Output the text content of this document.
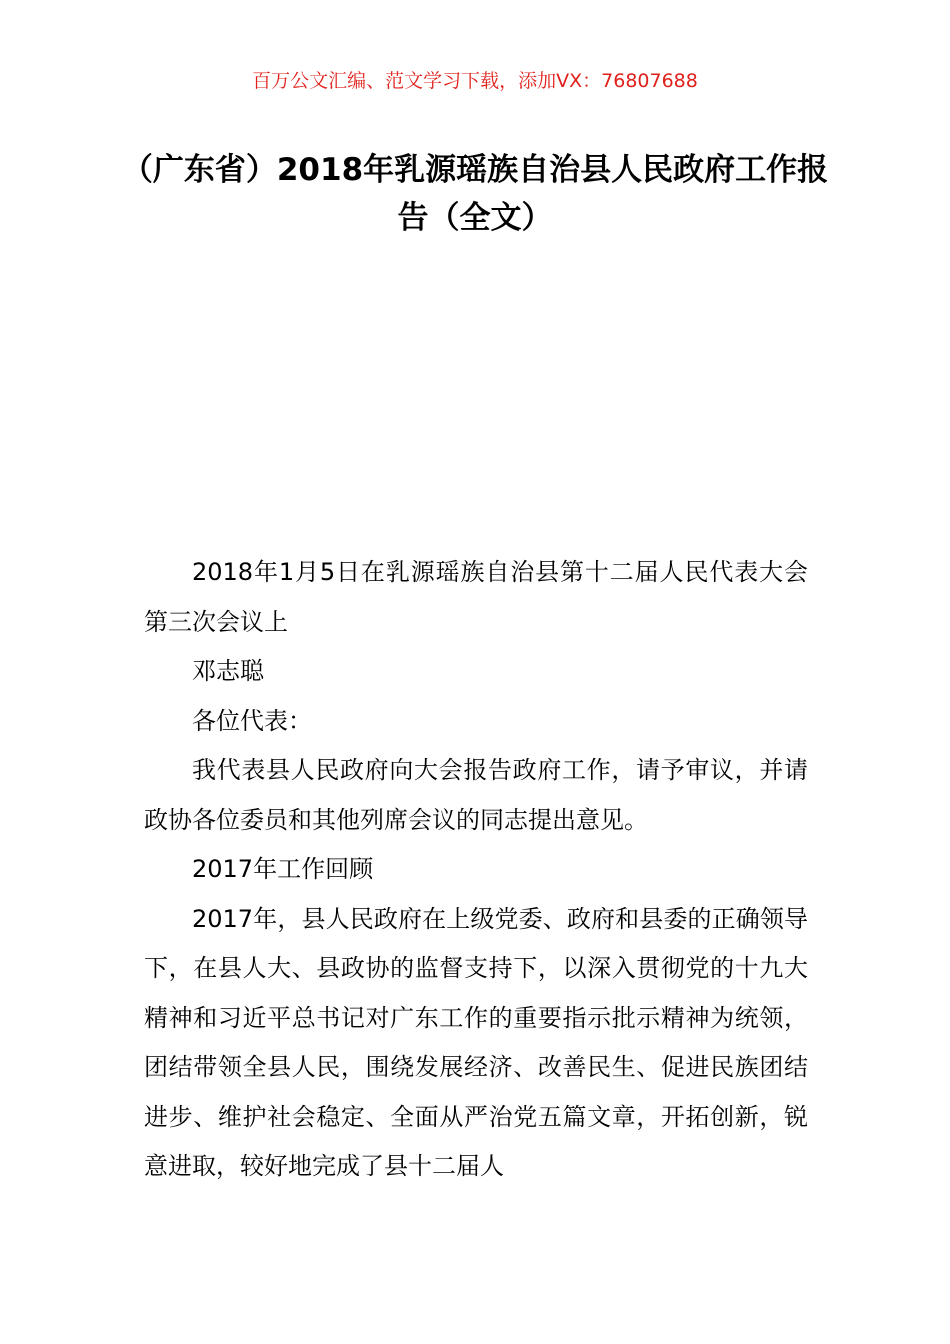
百万公文汇编、范文学习下载，添加VX：76807688
（广东省）2018年乳源瑶族自治县人民政府工作报告（全文）

2018年1月5日在乳源瑶族自治县第十二届人民代表大会第三次会议上

邓志聪

各位代表：

我代表县人民政府向大会报告政府工作，请予审议，并请政协各位委员和其他列席会议的同志提出意见。

2017年工作回顾

2017年，县人民政府在上级党委、政府和县委的正确领导下，在县人大、县政协的监督支持下，以深入贯彻党的十九大精神和习近平总书记对广东工作的重要指示批示精神为统领，团结带领全县人民，围绕发展经济、改善民生、促进民族团结进步、维护社会稳定、全面从严治党五篇文章，开拓创新，锐意进取，较好地完成了县十二届人
